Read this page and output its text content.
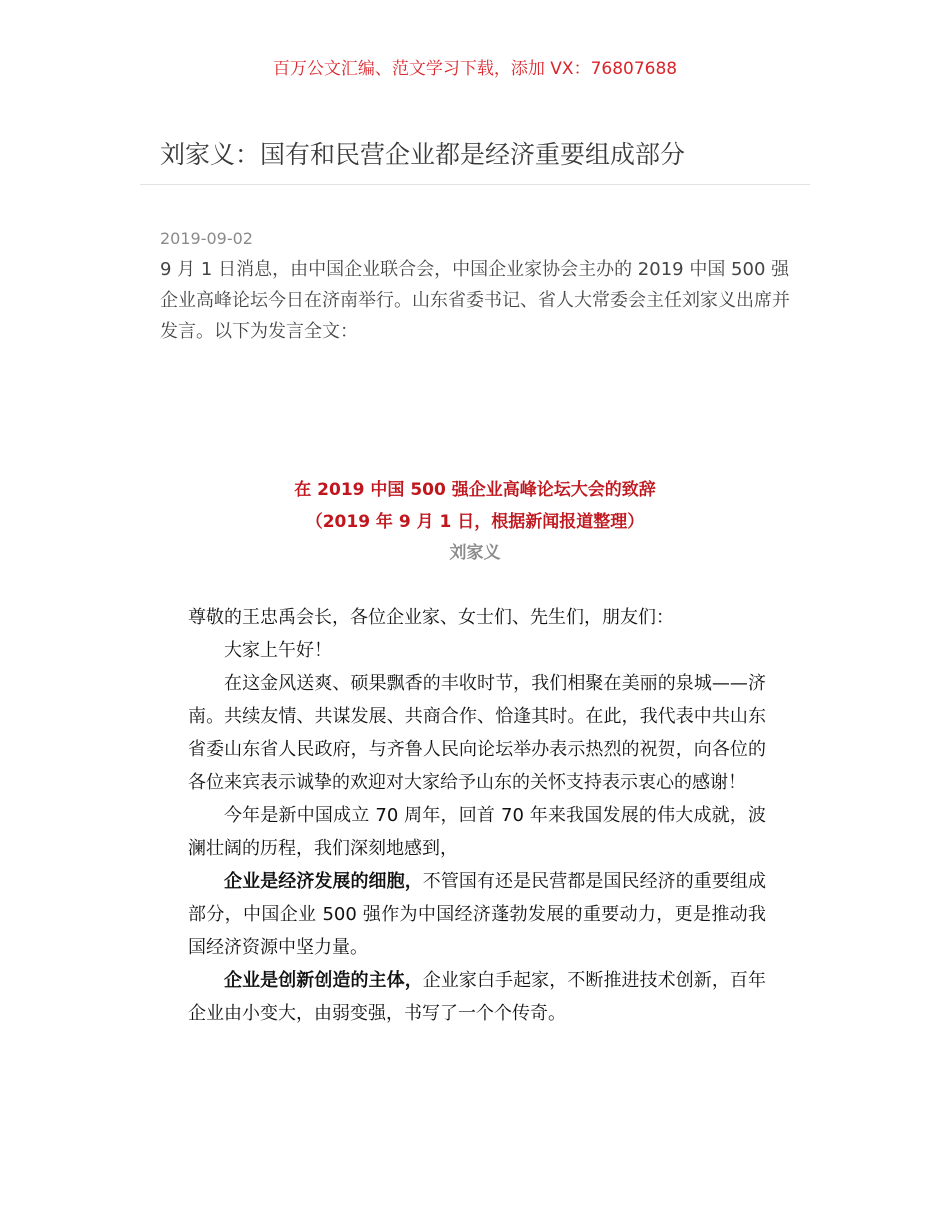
百万公文汇编、范文学习下载，添加 VX：76807688
刘家义：国有和民营企业都是经济重要组成部分
2019-09-02

9 月 1 日消息，由中国企业联合会，中国企业家协会主办的 2019 中国 500 强企业高峰论坛今日在济南举行。山东省委书记、省人大常委会主任刘家义出席并发言。以下为发言全文：

在 2019 中国 500 强企业高峰论坛大会的致辞
（2019 年 9 月 1 日，根据新闻报道整理）
刘家义

尊敬的王忠禹会长，各位企业家、女士们、先生们，朋友们：

大家上午好！

在这金风送爽、硕果飘香的丰收时节，我们相聚在美丽的泉城——济南。共续友情、共谋发展、共商合作、恰逢其时。在此，我代表中共山东省委山东省人民政府，与齐鲁人民向论坛举办表示热烈的祝贺，向各位的各位来宾表示诚挚的欢迎对大家给予山东的关怀支持表示衷心的感谢！

今年是新中国成立 70 周年，回首 70 年来我国发展的伟大成就，波澜壮阔的历程，我们深刻地感到，

企业是经济发展的细胞，不管国有还是民营都是国民经济的重要组成部分，中国企业 500 强作为中国经济蓬勃发展的重要动力，更是推动我国经济资源中坚力量。

企业是创新创造的主体，企业家白手起家，不断推进技术创新，百年企业由小变大，由弱变强，书写了一个个传奇。
